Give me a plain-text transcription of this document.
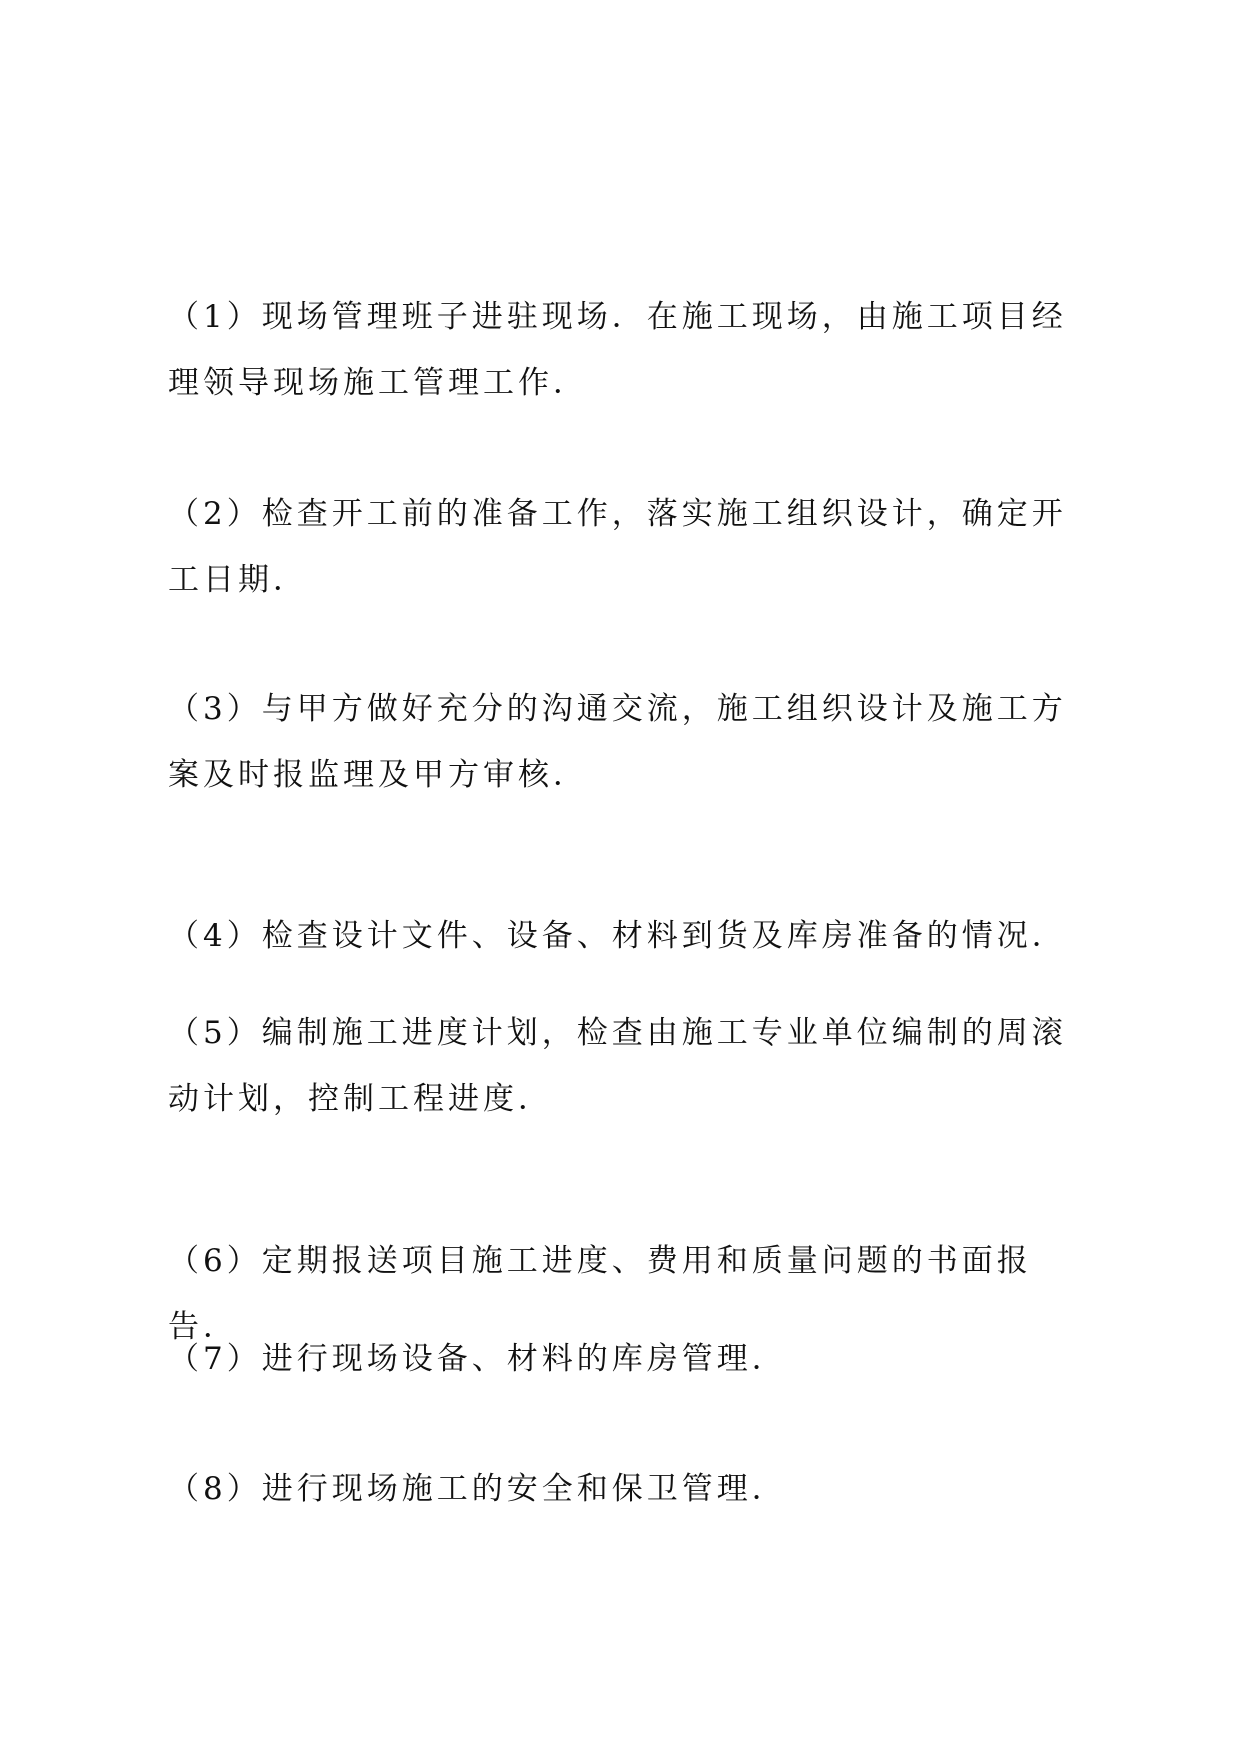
（1）现场管理班子进驻现场．在施工现场，由施工项目经理领导现场施工管理工作．

（2）检查开工前的准备工作，落实施工组织设计，确定开工日期．

（3）与甲方做好充分的沟通交流，施工组织设计及施工方案及时报监理及甲方审核．

（4）检查设计文件、设备、材料到货及库房准备的情况．

（5）编制施工进度计划，检查由施工专业单位编制的周滚动计划，控制工程进度．

（6）定期报送项目施工进度、费用和质量问题的书面报告．

（7）进行现场设备、材料的库房管理．

（8）进行现场施工的安全和保卫管理．
